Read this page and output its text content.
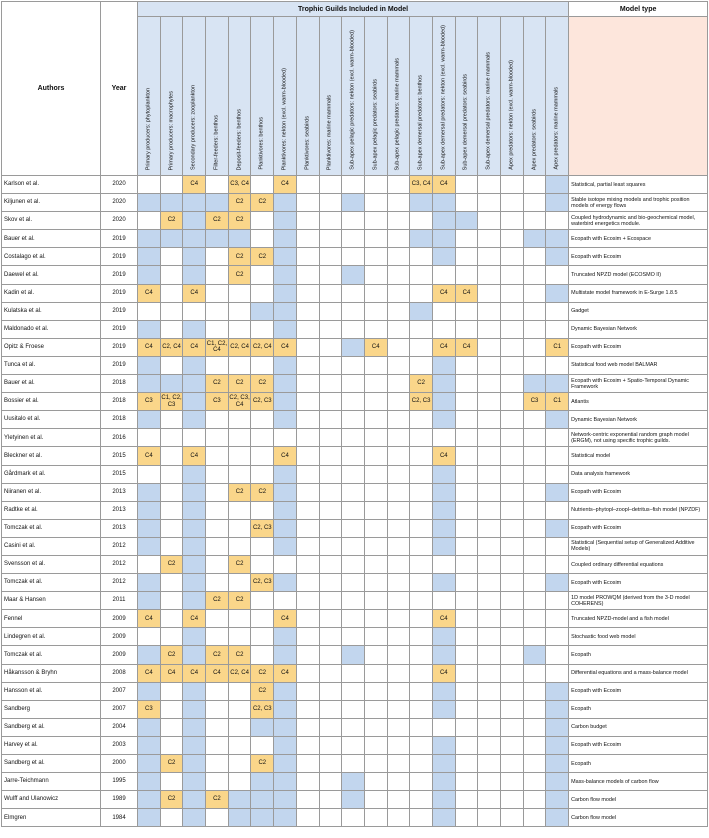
Authors	Year	Trophic Guilds Included in Model																			Model type

		Primary producers: phytoplankton	Primary producers: macrophytes	Secondary producers: zooplankton	Filter-feeders: benthos	Deposit-feeders: benthos	Planktivores: benthos	Planktivores: nekton (excl. warm-blooded)	Planktivores: seabirds	Planktivores: marine mammals	Sub-apex pelagic predators: nekton (excl. warm-blooded)	Sub-apex pelagic predators: seabirds	Sub-apex pelagic predators: marine mammals	Sub-apex demersal predators: benthos	Sub-apex demersal predators: nekton (excl. warm-blooded)	Sub-apex demersal predators: seabirds	Sub-apex demersal predators: marine mammals	Apex predators: nekton (excl. warm-blooded)	Apex predators: seabirds	Apex predators: marine mammals	

Karlson et al.	2020			C4		C3, C4		C4						C3, C4	C4						Statistical, partial least squares
Kiljunen et al.	2020					C2	C2														Stable isotope mixing models and trophic position models of energy flows
Skov et al.	2020		C2		C2	C2															Coupled hydrodynamic and bio-geochemical model, waterbird energetics module.
Bauer et al.	2019																				Ecopath with Ecosim + Ecospace
Costalago et al.	2019					C2	C2														Ecopath with Ecosim
Daewel et al.	2019					C2															Truncated NPZD model (ECOSMO II)
Kadin et al.	2019	C4		C4											C4	C4					Multistate model framework in E-Surge 1.8.5
Kulatska et al.	2019																				Gadget
Maldonado et al.	2019																				Dynamic Bayesian Network
Opitz & Froese	2019	C4	C2, C4	C4	C1, C2, C4	C2, C4	C2, C4	C4				C4			C4	C4				C1	Ecopath with Ecosim
Tunca et al.	2019																				Statistical food web model BALMAR
Bauer et al.	2018				C2	C2	C2							C2							Ecopath with Ecosim + Spatio-Temporal Dynamic Framework
Bossier et al.	2018	C3	C1, C2, C3		C3	C2, C3, C4	C2, C3							C2, C3					C3	C1	Atlantis
Uusitalo et al.	2018																				Dynamic Bayesian Network
Yletyinen et al.	2016																				Network-centric exponential random graph model (ERGM), not using specific trophic guilds.
Bleckner et al.	2015	C4		C4				C4							C4						Statistical model
Gårdmark et al.	2015																				Data analysis framework
Niiranen et al.	2013					C2	C2														Ecopath with Ecosim
Radtke et al.	2013																				Nutrients–phytopl–zoopl–detritus–fish model (NPZDF)
Tomczak et al.	2013						C2, C3														Ecopath with Ecosim
Casini et al.	2012																				Statistical (Sequential setup of Generalized Additive Models)
Svensson et al.	2012		C2			C2															Coupled ordinary differential equations
Tomczak et al.	2012						C2, C3														Ecopath with Ecosim
Maar & Hansen	2011				C2	C2															1D model PROWQM (derived from the 3-D model COHERENS)
Fennel	2009	C4		C4				C4							C4						Truncated NPZD-model and a fish model
Lindegren et al.	2009																				Stochastic food web model
Tomczak et al.	2009		C2		C2	C2															Ecopath
Håkansson & Bryhn	2008	C4	C4	C4	C4	C2, C4	C2	C4							C4						Differential equations and a mass-balance model
Hansson et al.	2007						C2														Ecopath with Ecosim
Sandberg	2007	C3					C2, C3														Ecopath
Sandberg et al.	2004																				Carbon budget
Harvey et al.	2003																				Ecopath with Ecosim
Sandberg et al.	2000		C2				C2														Ecopath
Jarre-Teichmann	1995																				Mass-balance models of carbon flow
Wulff and Ulanowicz	1989		C2		C2																Carbon flow model
Elmgren	1984																				Carbon flow model
